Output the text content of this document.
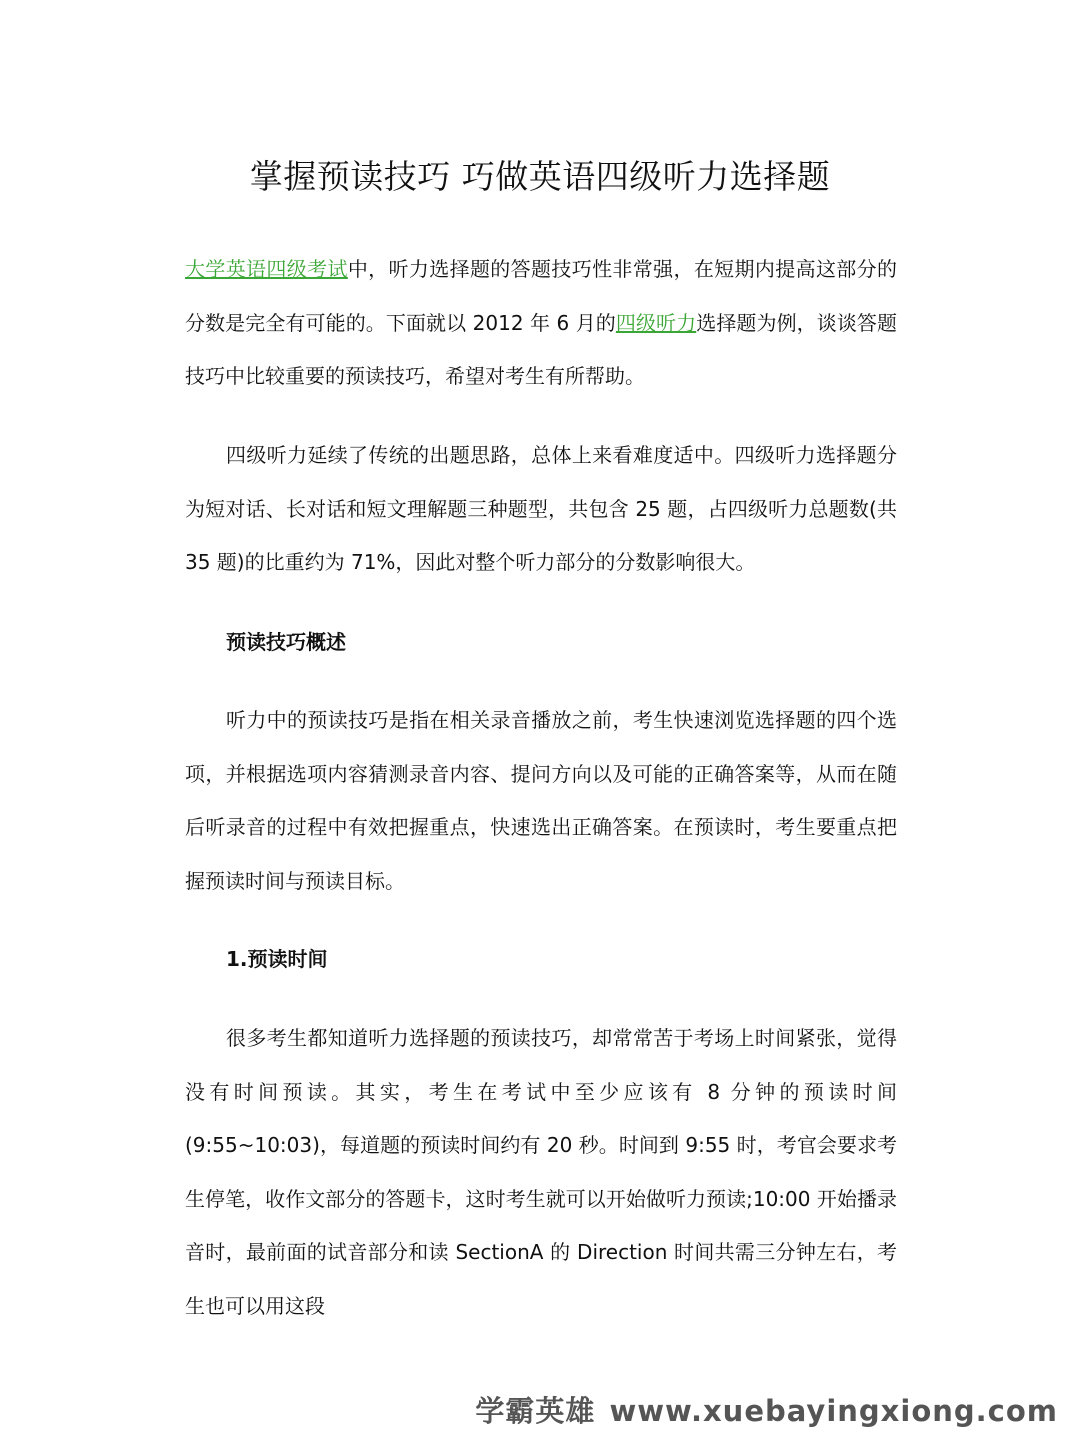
掌握预读技巧 巧做英语四级听力选择题

大学英语四级考试中，听力选择题的答题技巧性非常强，在短期内提高这部分的分数是完全有可能的。下面就以 2012 年 6 月的四级听力选择题为例，谈谈答题技巧中比较重要的预读技巧，希望对考生有所帮助。

四级听力延续了传统的出题思路，总体上来看难度适中。四级听力选择题分为短对话、长对话和短文理解题三种题型，共包含 25 题，占四级听力总题数(共 35 题)的比重约为 71%，因此对整个听力部分的分数影响很大。

预读技巧概述

听力中的预读技巧是指在相关录音播放之前，考生快速浏览选择题的四个选项，并根据选项内容猜测录音内容、提问方向以及可能的正确答案等，从而在随后听录音的过程中有效把握重点，快速选出正确答案。在预读时，考生要重点把握预读时间与预读目标。

1.预读时间

很多考生都知道听力选择题的预读技巧，却常常苦于考场上时间紧张，觉得没有时间预读。其实，考生在考试中至少应该有 8 分钟的预读时间(9:55~10:03)，每道题的预读时间约有 20 秒。时间到 9:55 时，考官会要求考生停笔，收作文部分的答题卡，这时考生就可以开始做听力预读;10:00 开始播录音时，最前面的试音部分和读 SectionA 的 Direction 时间共需三分钟左右，考生也可以用这段

学霸英雄 www.xuebayingxiong.com
